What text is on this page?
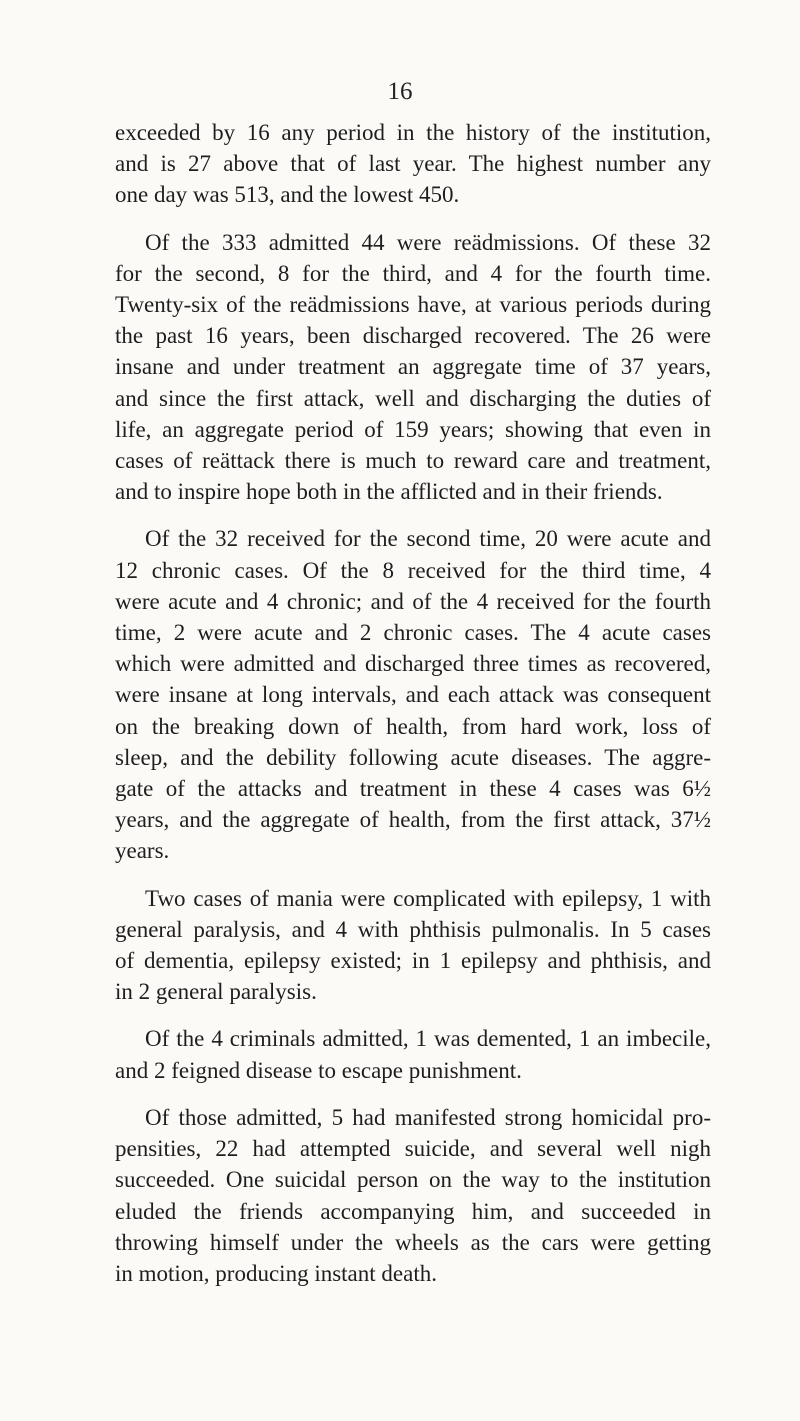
16
exceeded by 16 any period in the history of the institution,
and is 27 above that of last year. The highest number any
one day was 513, and the lowest 450.
Of the 333 admitted 44 were reädmissions. Of these 32
for the second, 8 for the third, and 4 for the fourth time.
Twenty-six of the reädmissions have, at various periods during
the past 16 years, been discharged recovered. The 26 were
insane and under treatment an aggregate time of 37 years,
and since the first attack, well and discharging the duties of
life, an aggregate period of 159 years; showing that even in
cases of reättack there is much to reward care and treatment,
and to inspire hope both in the afflicted and in their friends.
Of the 32 received for the second time, 20 were acute and
12 chronic cases. Of the 8 received for the third time, 4
were acute and 4 chronic; and of the 4 received for the fourth
time, 2 were acute and 2 chronic cases. The 4 acute cases
which were admitted and discharged three times as recovered,
were insane at long intervals, and each attack was consequent
on the breaking down of health, from hard work, loss of
sleep, and the debility following acute diseases. The aggre-
gate of the attacks and treatment in these 4 cases was 6½
years, and the aggregate of health, from the first attack, 37½
years.
Two cases of mania were complicated with epilepsy, 1 with
general paralysis, and 4 with phthisis pulmonalis. In 5 cases
of dementia, epilepsy existed; in 1 epilepsy and phthisis, and
in 2 general paralysis.
Of the 4 criminals admitted, 1 was demented, 1 an imbecile,
and 2 feigned disease to escape punishment.
Of those admitted, 5 had manifested strong homicidal pro-
pensities, 22 had attempted suicide, and several well nigh
succeeded. One suicidal person on the way to the institution
eluded the friends accompanying him, and succeeded in
throwing himself under the wheels as the cars were getting
in motion, producing instant death.
